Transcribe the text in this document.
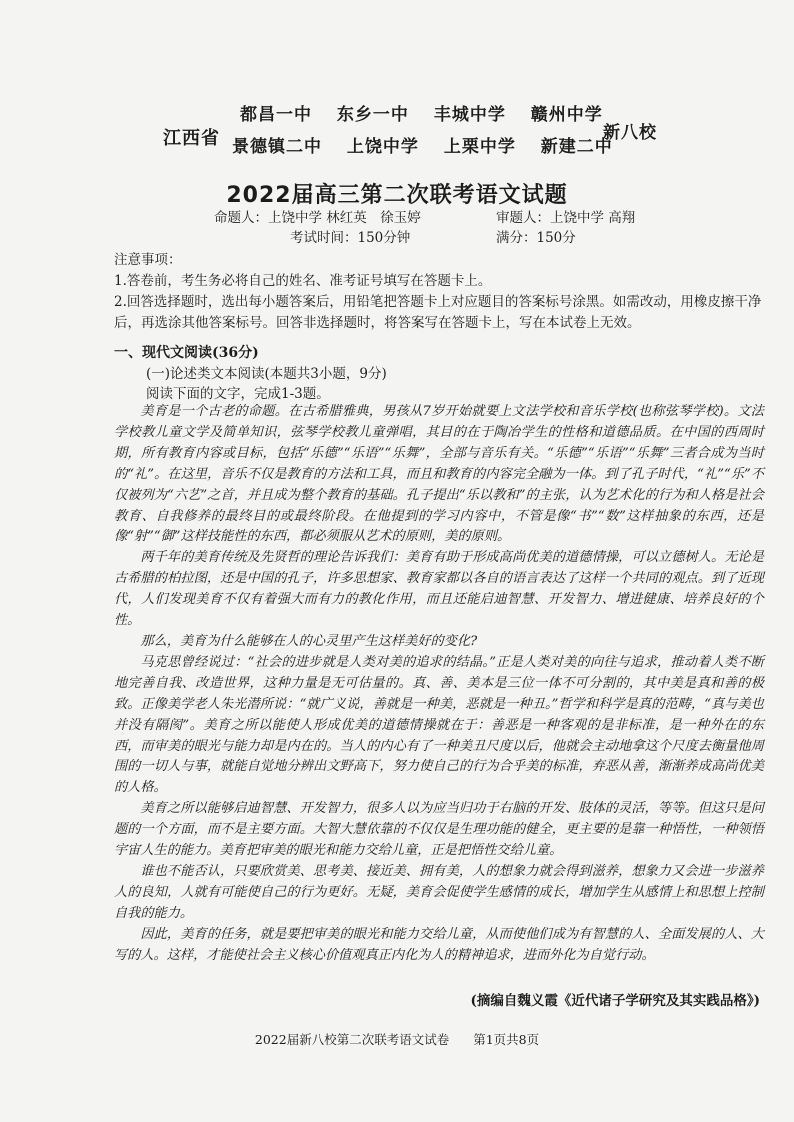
江西省
都昌一中 东乡一中 丰城中学 赣州中学
景德镇二中 上饶中学 上栗中学 新建二中
新八校
2022届高三第二次联考语文试题
命题人：上饶中学 林红英　徐玉婷	审题人：上饶中学 高翔
考试时间：150分钟	满分：150分

注意事项：

1.答卷前，考生务必将自己的姓名、准考证号填写在答题卡上。

2.回答选择题时，选出每小题答案后，用铅笔把答题卡上对应题目的答案标号涂黑。如需改动，用橡皮擦干净后，再选涂其他答案标号。回答非选择题时，将答案写在答题卡上，写在本试卷上无效。

一、现代文阅读(36分)
(一)论述类文本阅读(本题共3小题，9分)
阅读下面的文字，完成1-3题。

美育是一个古老的命题。在古希腊雅典，男孩从7岁开始就要上文法学校和音乐学校(也称弦琴学校)。文法学校教儿童文学及简单知识，弦琴学校教儿童弹唱，其目的在于陶冶学生的性格和道德品质。在中国的西周时期，所有教育内容或目标，包括“乐德”“乐语”“乐舞”，全部与音乐有关。“乐德”“乐语”“乐舞”三者合成为当时的“礼”。在这里，音乐不仅是教育的方法和工具，而且和教育的内容完全融为一体。到了孔子时代，“礼”“乐”不仅被列为“六艺”之首，并且成为整个教育的基础。孔子提出“乐以教和”的主张，认为艺术化的行为和人格是社会教育、自我修养的最终目的或最终阶段。在他提到的学习内容中，不管是像“书”“数”这样抽象的东西，还是像“射”“御”这样技能性的东西，都必须服从艺术的原则，美的原则。

两千年的美育传统及先贤哲的理论告诉我们：美育有助于形成高尚优美的道德情操，可以立德树人。无论是古希腊的柏拉图，还是中国的孔子，许多思想家、教育家都以各自的语言表达了这样一个共同的观点。到了近现代，人们发现美育不仅有着强大而有力的教化作用，而且还能启迪智慧、开发智力、增进健康、培养良好的个性。

那么，美育为什么能够在人的心灵里产生这样美好的变化?

马克思曾经说过：“社会的进步就是人类对美的追求的结晶。”正是人类对美的向往与追求，推动着人类不断地完善自我、改造世界，这种力量是无可估量的。真、善、美本是三位一体不可分割的，其中美是真和善的极致。正像美学老人朱光潜所说：“就广义说，善就是一种美，恶就是一种丑。”哲学和科学是真的范畴，“真与美也并没有隔阂”。美育之所以能使人形成优美的道德情操就在于：善恶是一种客观的是非标准，是一种外在的东西，而审美的眼光与能力却是内在的。当人的内心有了一种美丑尺度以后，他就会主动地拿这个尺度去衡量他周围的一切人与事，就能自觉地分辨出文野高下，努力使自己的行为合乎美的标准，弃恶从善，渐渐养成高尚优美的人格。

美育之所以能够启迪智慧、开发智力，很多人以为应当归功于右脑的开发、肢体的灵活，等等。但这只是问题的一个方面，而不是主要方面。大智大慧依靠的不仅仅是生理功能的健全，更主要的是靠一种悟性，一种领悟宇宙人生的能力。美育把审美的眼光和能力交给儿童，正是把悟性交给儿童。

谁也不能否认，只要欣赏美、思考美、接近美、拥有美，人的想象力就会得到滋养，想象力又会进一步滋养人的良知，人就有可能使自己的行为更好。无疑，美育会促使学生感情的成长，增加学生从感情上和思想上控制自我的能力。

因此，美育的任务，就是要把审美的眼光和能力交给儿童，从而使他们成为有智慧的人、全面发展的人、大写的人。这样，才能使社会主义核心价值观真正内化为人的精神追求，进而外化为自觉行动。

(摘编自魏义霞《近代诸子学研究及其实践品格》)
2022届新八校第二次联考语文试卷 第1页共8页
